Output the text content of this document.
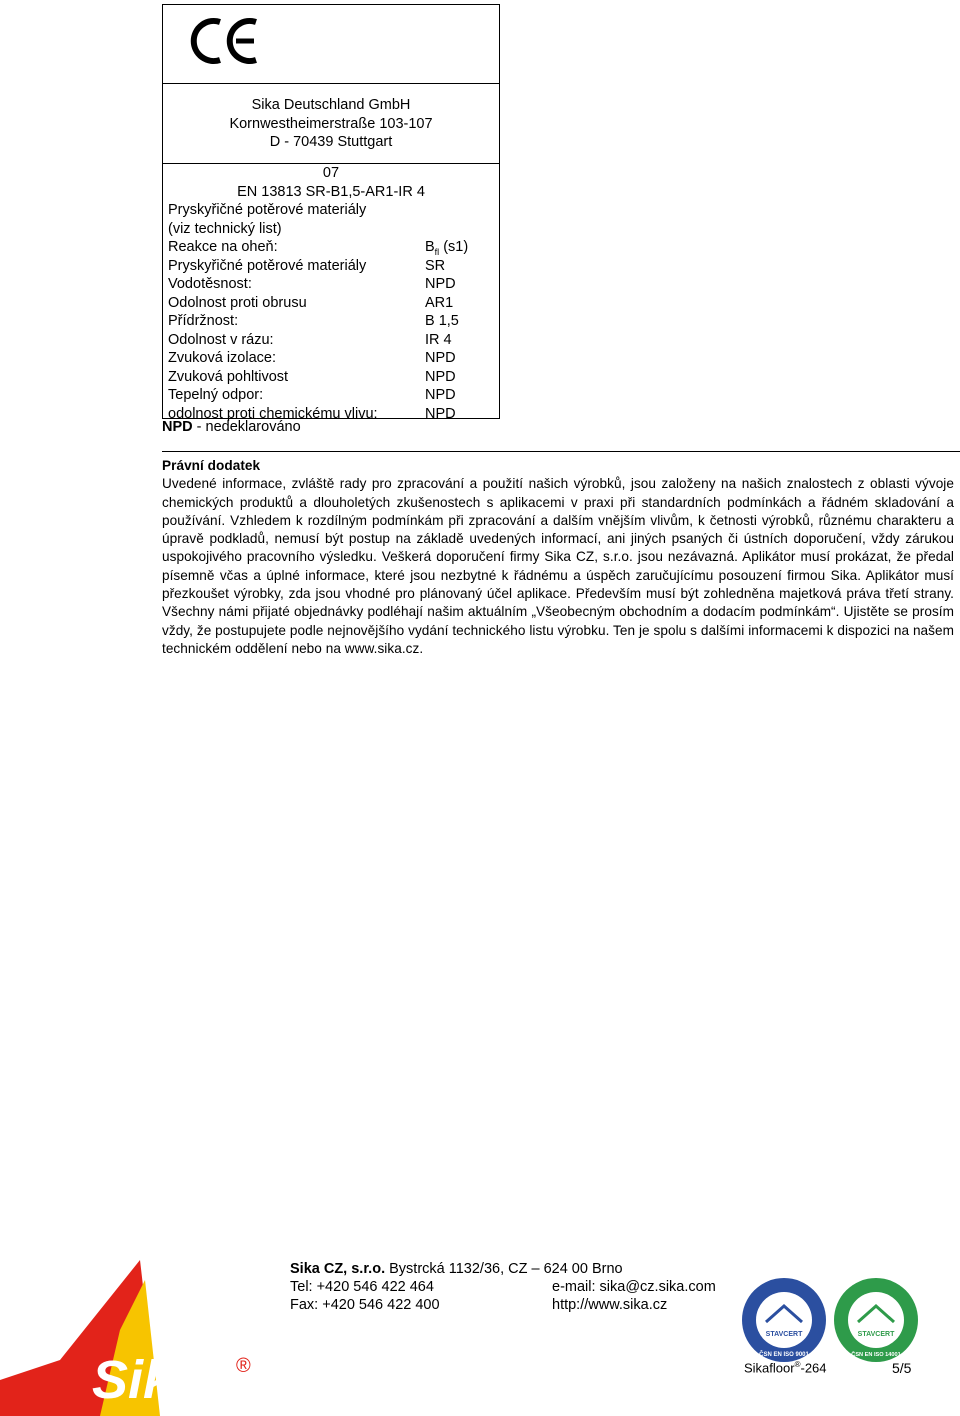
Sika Deutschland GmbH
Kornwestheimerstraße 103-107
D - 70439 Stuttgart
07
EN 13813 SR-B1,5-AR1-IR 4
Pryskyřičné potěrové materiály
(viz technický list)
Reakce na oheň:	$B_{fl}$ (s1)
Pryskyřičné potěrové materiály	SR
Vodotěsnost:	NPD
Odolnost proti obrusu	AR1
Přídržnost:	B 1,5
Odolnost v rázu:	IR 4
Zvuková izolace:	NPD
Zvuková pohltivost	NPD
Tepelný odpor:	NPD
odolnost proti chemickému vlivu:	NPD
NPD - nedeklarováno
Právní dodatek
Uvedené informace, zvláště rady pro zpracování a použití našich výrobků, jsou založeny na našich znalostech z oblasti vývoje chemických produktů a dlouholetých zkušenostech s aplikacemi v praxi při standardních podmínkách a řádném skladování a používání. Vzhledem k rozdílným podmínkám při zpracování a dalším vnějším vlivům, k četnosti výrobků, různému charakteru a úpravě podkladů, nemusí být postup na základě uvedených informací, ani jiných psaných či ústních doporučení, vždy zárukou uspokojivého pracovního výsledku. Veškerá doporučení firmy Sika CZ, s.r.o. jsou nezávazná. Aplikátor musí prokázat, že předal písemně včas a úplné informace, které jsou nezbytné k řádnému a úspěch zaručujícímu posouzení firmou Sika. Aplikátor musí přezkoušet výrobky, zda jsou vhodné pro plánovaný účel aplikace. Především musí být zohledněna majetková práva třetí strany. Všechny námi přijaté objednávky podléhají našim aktuálním „Všeobecným obchodním a dodacím podmínkám“. Ujistěte se prosím vždy, že postupujete podle nejnovějšího vydání technického listu výrobku. Ten je spolu s dalšími informacemi k dispozici na našem technickém oddělení nebo na www.sika.cz.
Sika ®
Sika CZ, s.r.o. Bystrcká 1132/36, CZ – 624 00 Brno
Tel: +420 546 422 464	e-mail: sika@cz.sika.com
Fax: +420 546 422 400	http://www.sika.cz
STAVCERT
ČSN EN ISO 9001
STAVCERT
ČSN EN ISO 14001
Sikafloor®-264	5/5
